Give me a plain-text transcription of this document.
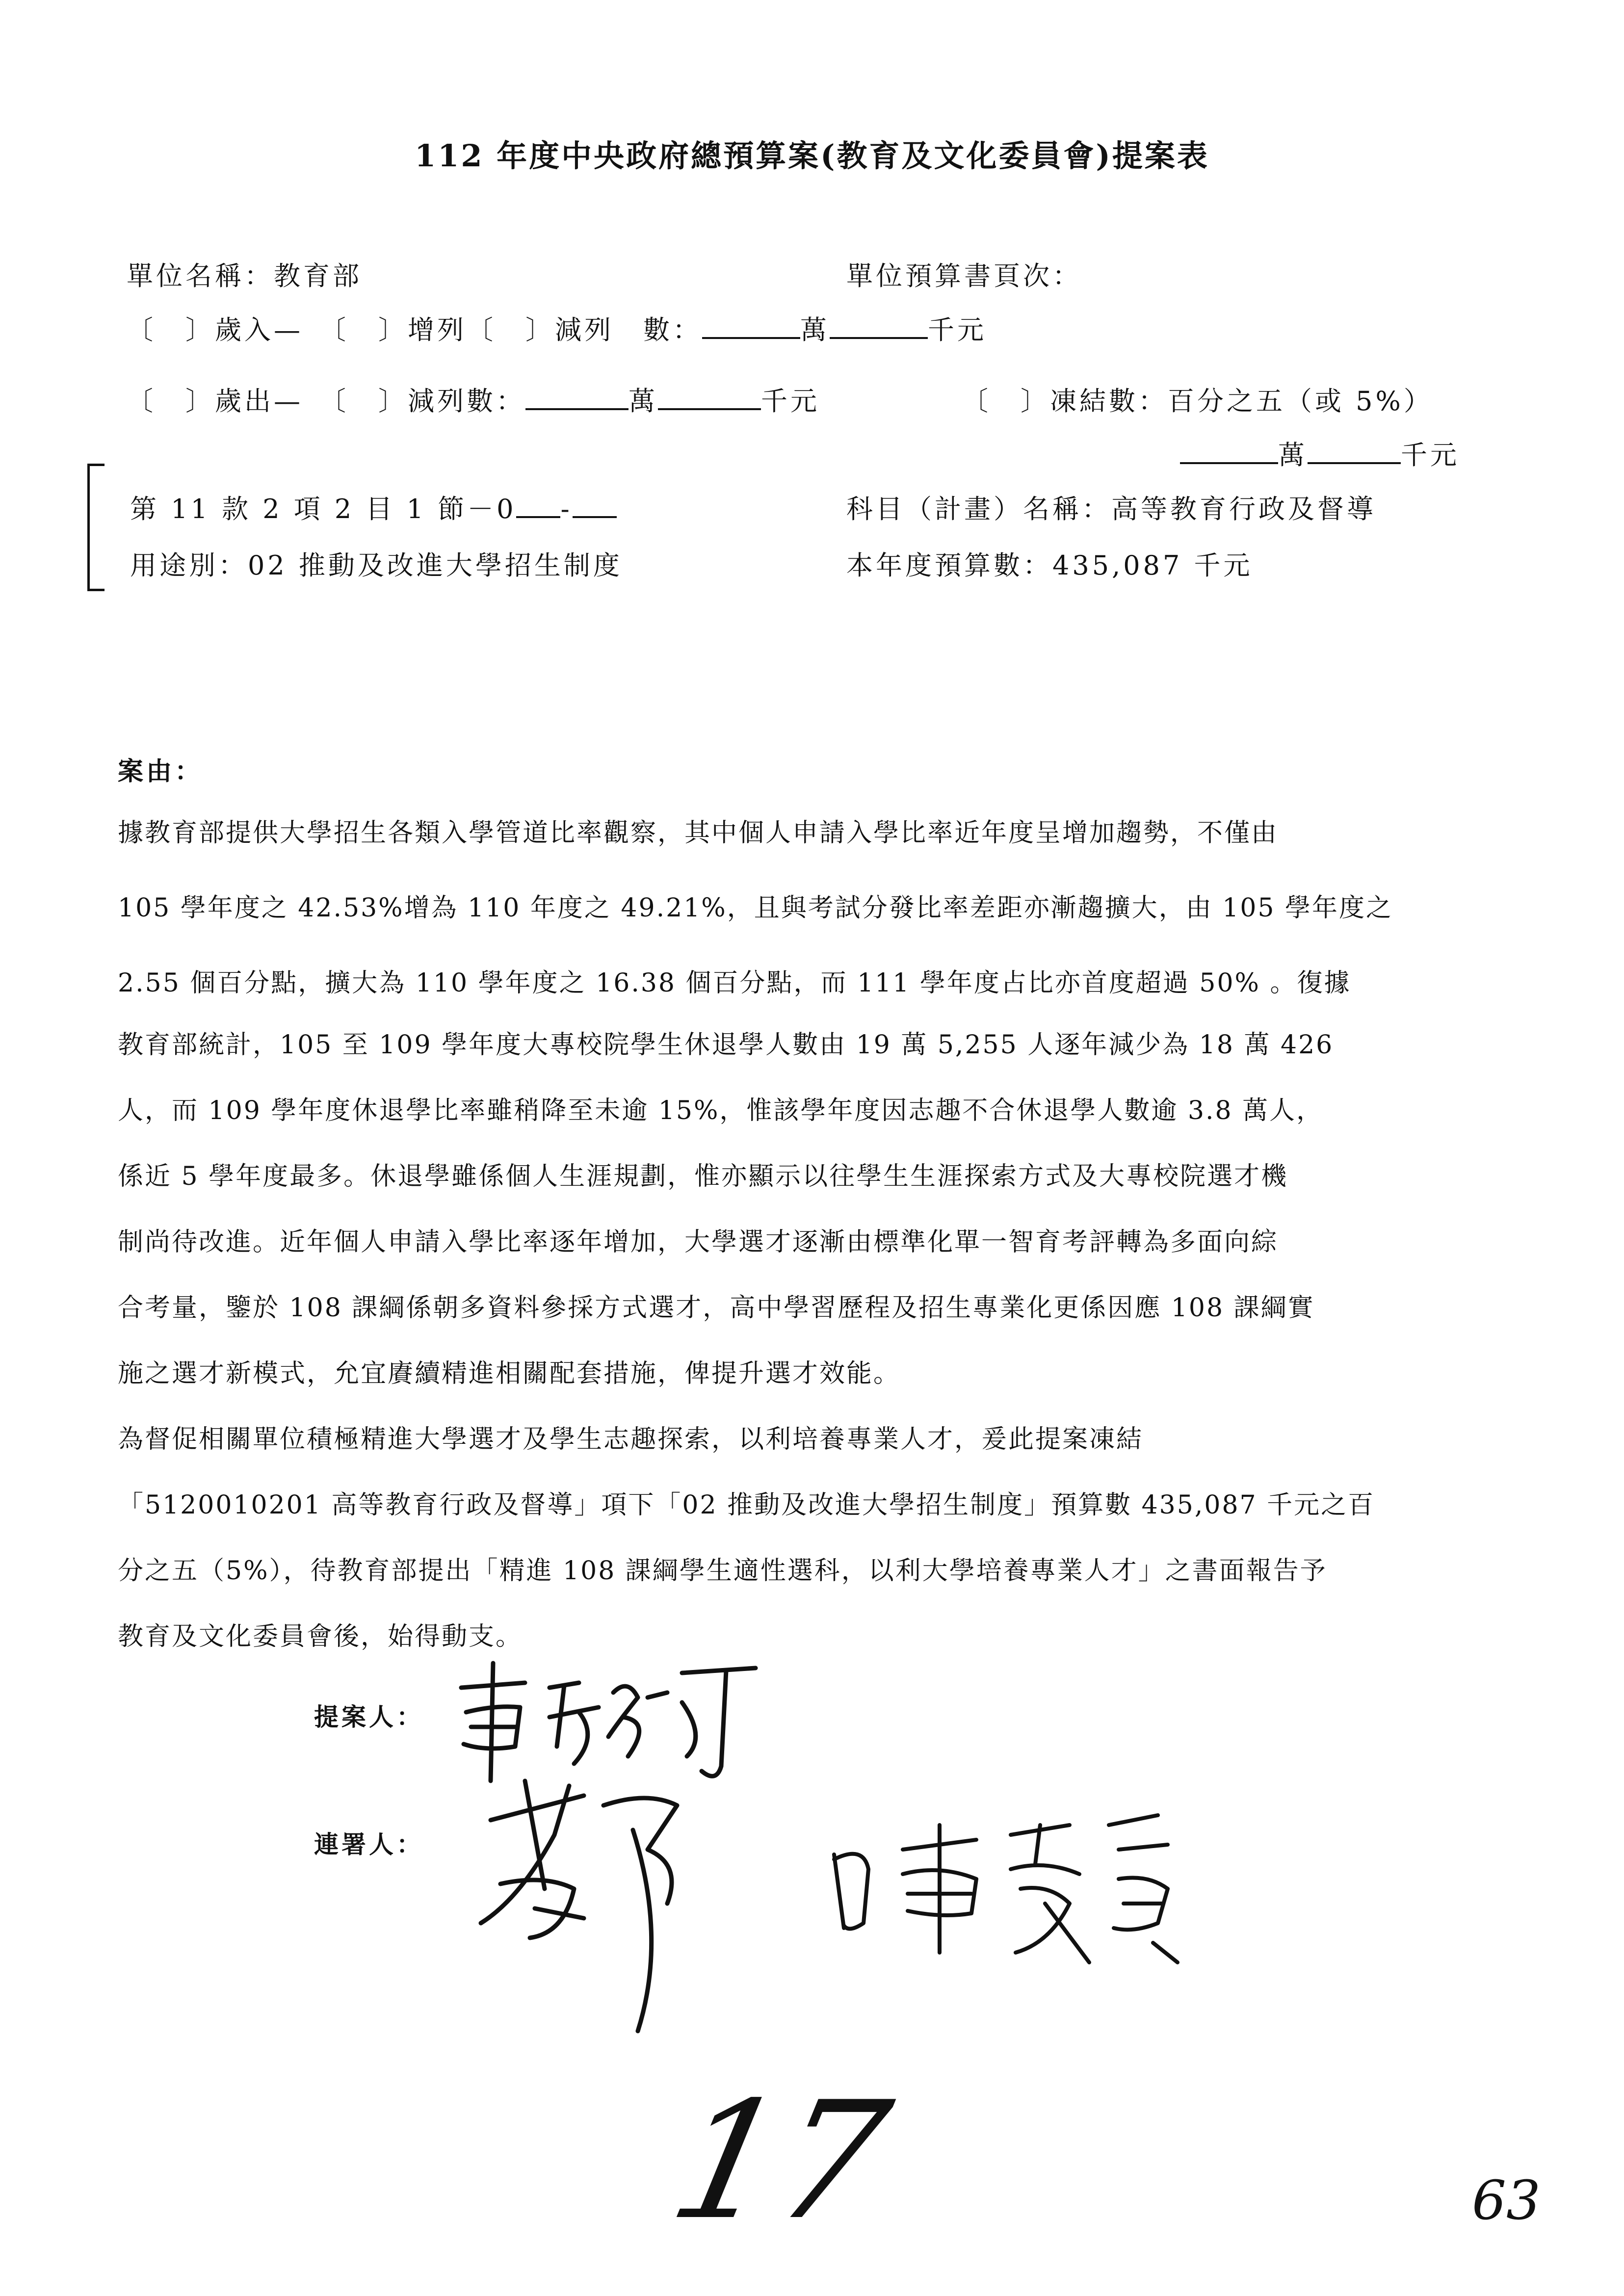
112 年度中央政府總預算案(教育及文化委員會)提案表
單位名稱：教育部	單位預算書頁次：
〔　〕歲入—　〔　〕增列〔　〕減列　數：	萬	千元
〔　〕歲出—　〔　〕減列數：	萬	千元	〔　〕凍結數：百分之五（或 5%）
萬	千元
第 11 款 2 項 2 目 1 節－0 -	科目（計畫）名稱：高等教育行政及督導
用途別：02 推動及改進大學招生制度	本年度預算數：435,087 千元
案由：
據教育部提供大學招生各類入學管道比率觀察，其中個人申請入學比率近年度呈增加趨勢，不僅由
105 學年度之 42.53%增為 110 年度之 49.21%，且與考試分發比率差距亦漸趨擴大，由 105 學年度之
2.55 個百分點，擴大為 110 學年度之 16.38 個百分點，而 111 學年度占比亦首度超過 50% 。復據
教育部統計，105 至 109 學年度大專校院學生休退學人數由 19 萬 5,255 人逐年減少為 18 萬 426
人，而 109 學年度休退學比率雖稍降至未逾 15%，惟該學年度因志趣不合休退學人數逾 3.8 萬人，
係近 5 學年度最多。休退學雖係個人生涯規劃，惟亦顯示以往學生生涯探索方式及大專校院選才機
制尚待改進。近年個人申請入學比率逐年增加，大學選才逐漸由標準化單一智育考評轉為多面向綜
合考量，鑒於 108 課綱係朝多資料參採方式選才，高中學習歷程及招生專業化更係因應 108 課綱實
施之選才新模式，允宜賡續精進相關配套措施，俾提升選才效能。
為督促相關單位積極精進大學選才及學生志趣探索，以利培養專業人才，爰此提案凍結
「5120010201 高等教育行政及督導」項下「02 推動及改進大學招生制度」預算數 435,087 千元之百
分之五（5%），待教育部提出「精進 108 課綱學生適性選科，以利大學培養專業人才」之書面報告予
教育及文化委員會後，始得動支。
提案人：
連署人：
17	63
